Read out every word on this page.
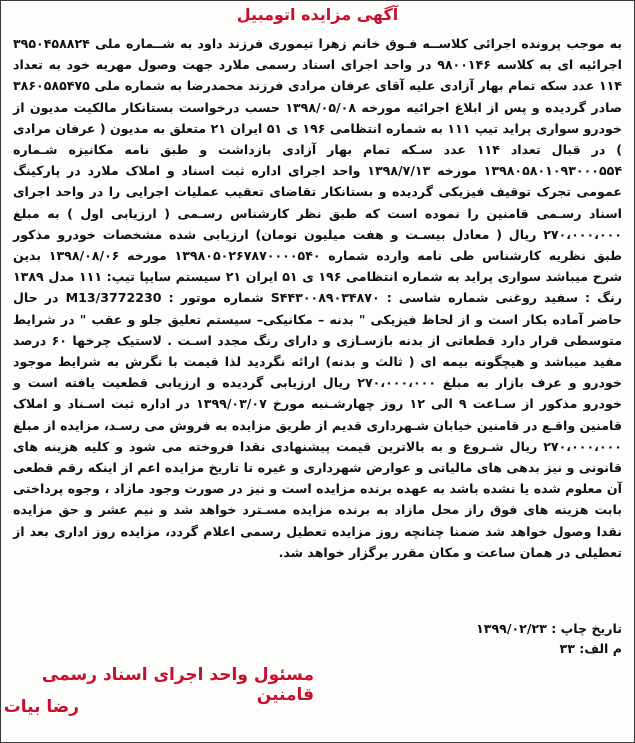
آگهی مزایده اتومبیل
به موجب پرونده اجرائی کلاســه فـوق خانم زهرا تیموری فرزند داود به شــماره ملی ۳۹۵۰۴۵۸۸۲۴ اجرائیه ای به کلاسه ۹۸۰۰۱۴۶ در واحد اجرای اسناد رسمی ملارد جهت وصول مهریه خود به تعداد ۱۱۴ عدد سکه تمام بهار آزادی علیه آقای عرفان مرادی فرزند محمدرضا به شماره ملی ۳۸۶۰۵۸۵۴۷۵ صادر گردیده و پس از ابلاغ اجرائیه مورخه ۱۳۹۸/۰۵/۰۸ حسب درخواست بستانکار مالکیت مدیون از خودرو سواری پراید تیپ ۱۱۱ به شماره انتظامی ۱۹۶ ی ۵۱ ایران ۲۱ متعلق به مدیون ( عرفان مرادی ) در قبال تعداد ۱۱۴ عدد سـکه تمام بهار آزادی بازداشت و طبق نامه مکانیزه شـماره ۱۳۹۸۰۵۸۰۱۰۹۳۰۰۰۵۵۴ مورخه ۱۳۹۸/۷/۱۳ واحد اجرای اداره ثبت اسناد و املاک ملارد در پارکینگ عمومی تجرک توقیف فیزیکی گردیده و بستانکار تقاضای تعقیب عملیات اجرایی را در واحد اجرای اسناد رسـمی قامنین را نموده است که طبق نظر کارشناس رسـمی ( ارزیابی اول ) به مبلغ ۲۷۰،۰۰۰،۰۰۰ ریال ( معادل بیسـت و هفت میلیون تومان) ارزیابی شده مشخصات خودرو مذکور طبق نظریه کارشناس طی نامه وارده شماره ۱۳۹۸۰۵۰۲۶۷۸۷۰۰۰۰۵۴۰ مورخه ۱۳۹۸/۰۸/۰۶ بدین شرح میباشد سواری پراید به شماره انتظامی ۱۹۶ ی ۵۱ ایران ۲۱ سیستم سایپا تیپ: ۱۱۱ مدل ۱۳۸۹ رنگ : سفید روغنی شماره شاسی : S۴۴۳۰۰۸۹۰۳۴۸۷۰ شماره موتور : M13/3772230 در حال حاضر آماده بکار است و از لحاظ فیزیکی " بدنه – مکانیکی– سیستم تعلیق جلو و عقب " در شرایط متوسطی قرار دارد قطعاتی از بدنه بازسـازی و دارای رنگ مجدد اسـت . لاستیک چرخها ۶۰ درصد مفید میباشد و هیچگونه بیمه ای ( ثالث و بدنه) ارائه نگردید لذا قیمت با نگرش به شرایط موجود خودرو و عرف بازار به مبلغ ۲۷۰،۰۰۰،۰۰۰ ریال ارزیابی گردیده و ارزیابی قطعیت یافته است و خودرو مذکور از سـاعت ۹ الی ۱۲ روز چهارشـنبه مورخ ۱۳۹۹/۰۳/۰۷ در اداره ثبت اسـناد و املاک قامنین واقـع در قامنین خیابان شـهرداری قدیم از طریق مزایده به فروش می رسـد، مزایده از مبلغ ۲۷۰،۰۰۰،۰۰۰ ریال شـروع و به بالاترین قیمت پیشنهادی نقدا فروخته می شود و کلیه هزینه های قانونی و نیز بدهی های مالیاتی و عوارض شهرداری و غیره تا تاریخ مزایده اعم از اینکه رقم قطعی آن معلوم شده یا نشده باشد به عهده برنده مزایده است و نیز در صورت وجود مازاد ، وجوه پرداختی بابت هزینه های فوق راز محل مازاد به برنده مزایده مسـترد خواهد شد و نیم عشر و حق مزایده نقدا وصول خواهد شد ضمنا چنانچه روز مزایده تعطیل رسمی اعلام گردد، مزایده روز اداری بعد از تعطیلی در همان ساعت و مکان مقرر برگزار خواهد شد.
تاریخ چاپ : ۱۳۹۹/۰۲/۲۳
م الف: ۳۳
مسئول واحد اجرای اسناد رسمی قامنین
رضا بیات
